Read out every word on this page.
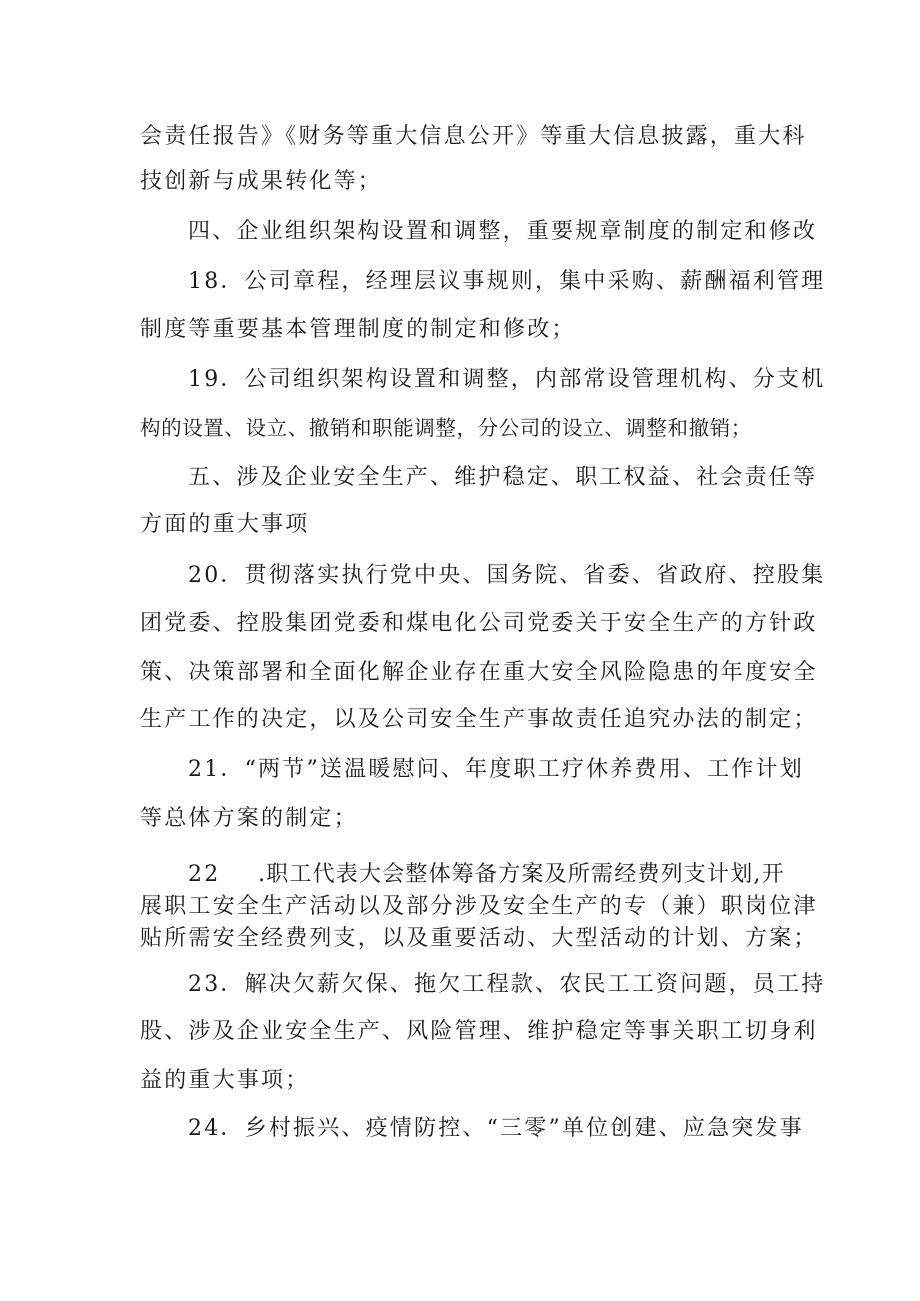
会责任报告》《财务等重大信息公开》等重大信息披露，重大科
技创新与成果转化等；
四、企业组织架构设置和调整，重要规章制度的制定和修改
18．公司章程，经理层议事规则，集中采购、薪酬福利管理
制度等重要基本管理制度的制定和修改；
19．公司组织架构设置和调整，内部常设管理机构、分支机
构的设置、设立、撤销和职能调整，分公司的设立、调整和撤销；
五、涉及企业安全生产、维护稳定、职工权益、社会责任等
方面的重大事项
20．贯彻落实执行党中央、国务院、省委、省政府、控股集
团党委、控股集团党委和煤电化公司党委关于安全生产的方针政
策、决策部署和全面化解企业存在重大安全风险隐患的年度安全
生产工作的决定，以及公司安全生产事故责任追究办法的制定；
21．“两节”送温暖慰问、年度职工疗休养费用、工作计划
等总体方案的制定；
22	.职工代表大会整体筹备方案及所需经费列支计划,开
展职工安全生产活动以及部分涉及安全生产的专（兼）职岗位津
贴所需安全经费列支，以及重要活动、大型活动的计划、方案；
23．解决欠薪欠保、拖欠工程款、农民工工资问题，员工持
股、涉及企业安全生产、风险管理、维护稳定等事关职工切身利
益的重大事项；
24．乡村振兴、疫情防控、“三零”单位创建、应急突发事
